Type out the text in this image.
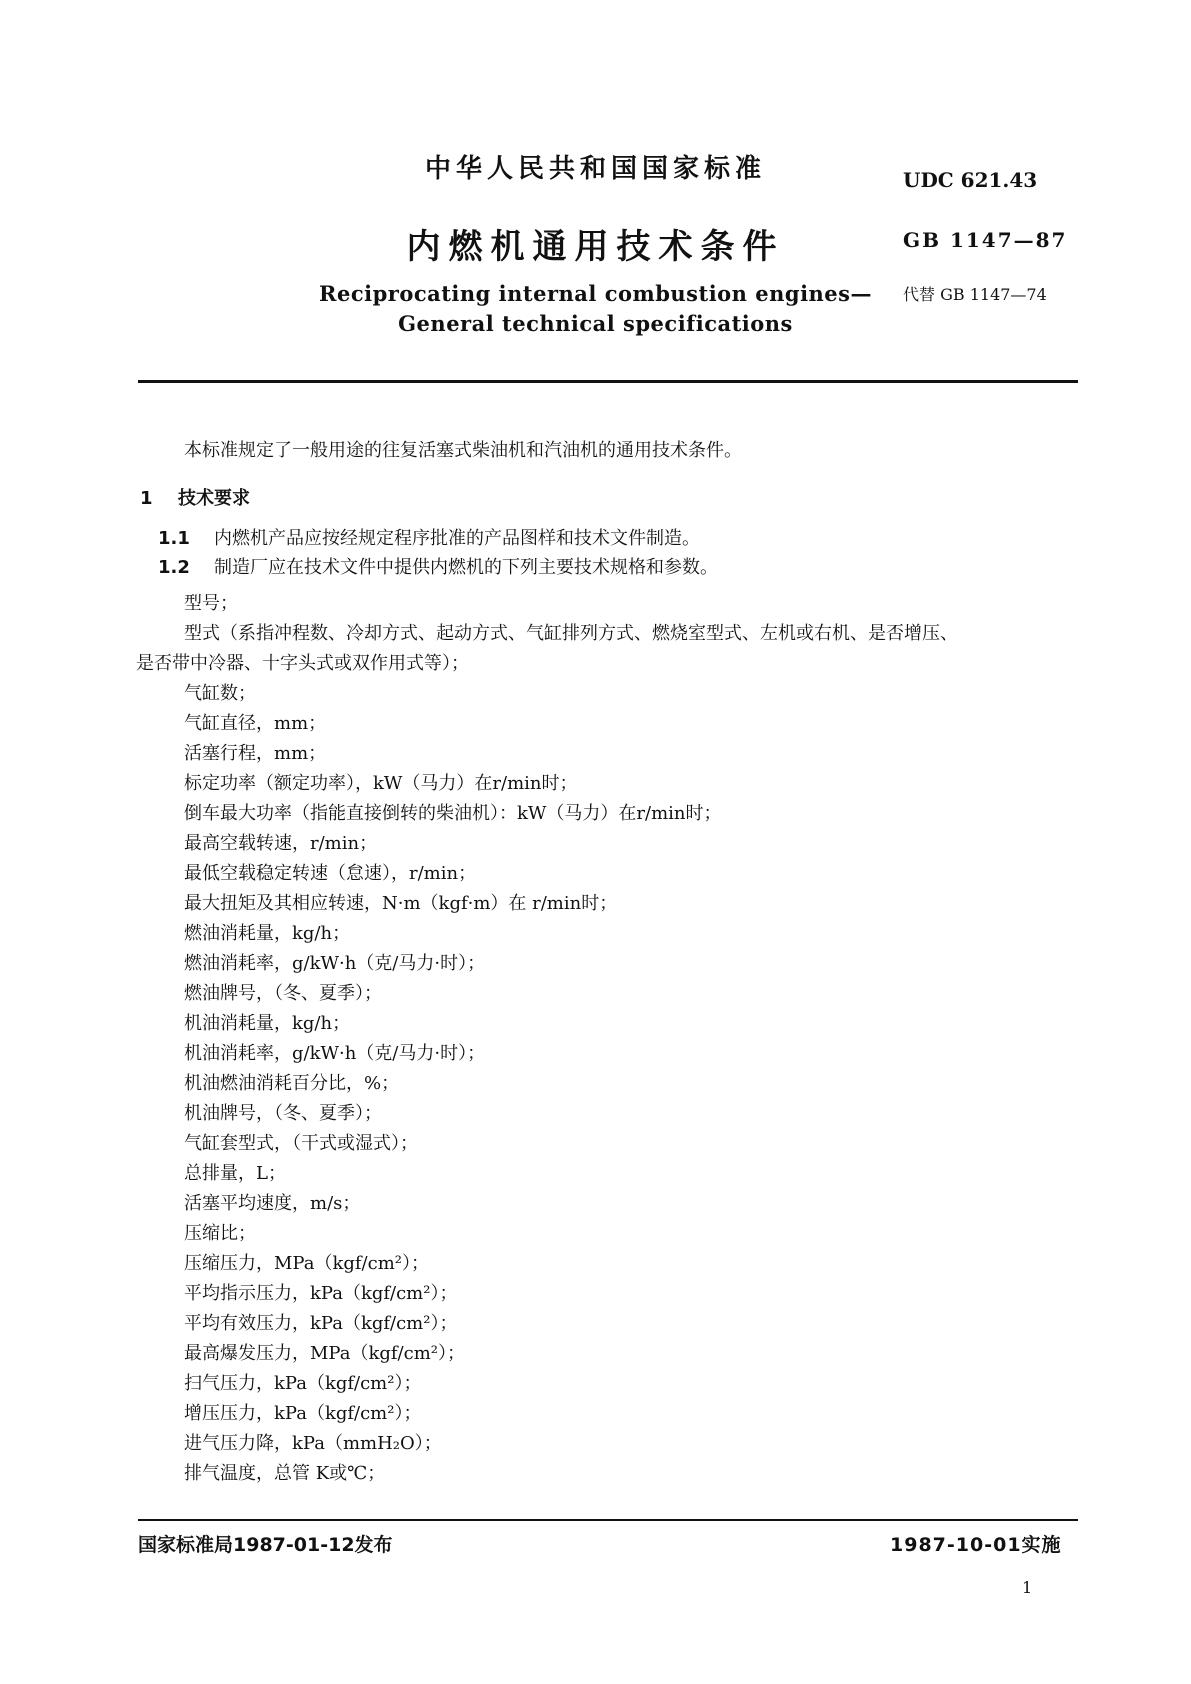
中华人民共和国国家标准
内燃机通用技术条件
Reciprocating internal combustion engines—
General technical specifications
UDC 621.43
GB 1147—87
代替 GB 1147—74
本标准规定了一般用途的往复活塞式柴油机和汽油机的通用技术条件。
1 技术要求
1.1 内燃机产品应按经规定程序批准的产品图样和技术文件制造。
1.2 制造厂应在技术文件中提供内燃机的下列主要技术规格和参数。
型号；
型式（系指冲程数、冷却方式、起动方式、气缸排列方式、燃烧室型式、左机或右机、是否增压、
是否带中冷器、十字头式或双作用式等）；
气缸数；
气缸直径，mm；
活塞行程，mm；
标定功率（额定功率），kW（马力）在r/min时；
倒车最大功率（指能直接倒转的柴油机）：kW（马力）在r/min时；
最高空载转速，r/min；
最低空载稳定转速（怠速），r/min；
最大扭矩及其相应转速，N·m（kgf·m）在 r/min时；
燃油消耗量，kg/h；
燃油消耗率，g/kW·h（克/马力·时）；
燃油牌号，（冬、夏季）；
机油消耗量，kg/h；
机油消耗率，g/kW·h（克/马力·时）；
机油燃油消耗百分比，%；
机油牌号，（冬、夏季）；
气缸套型式，（干式或湿式）；
总排量，L；
活塞平均速度，m/s；
压缩比；
压缩压力，MPa（kgf/cm²）；
平均指示压力，kPa（kgf/cm²）；
平均有效压力，kPa（kgf/cm²）；
最高爆发压力，MPa（kgf/cm²）；
扫气压力，kPa（kgf/cm²）；
增压压力，kPa（kgf/cm²）；
进气压力降，kPa（mmH₂O）；
排气温度，总管 K或℃；
国家标准局1987-01-12发布	1987-10-01实施
1
